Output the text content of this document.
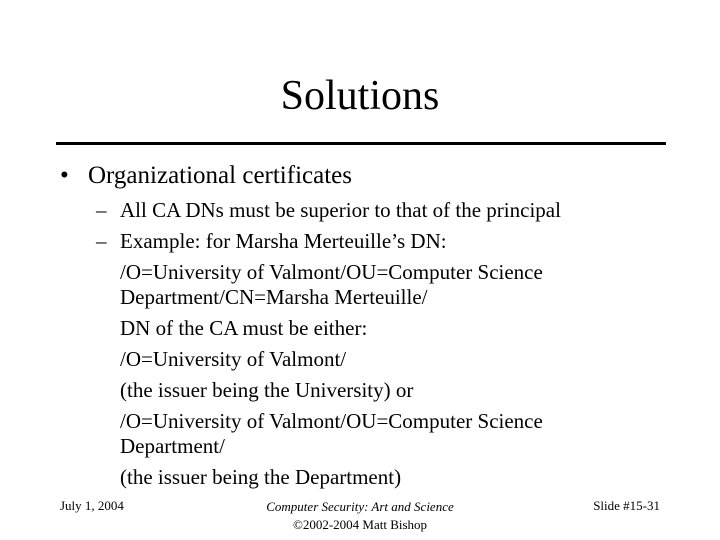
Solutions
• Organizational certificates
– All CA DNs must be superior to that of the principal
– Example: for Marsha Merteuille’s DN:
/O=University of Valmont/OU=Computer Science
Department/CN=Marsha Merteuille/
DN of the CA must be either:
/O=University of Valmont/
(the issuer being the University) or
/O=University of Valmont/OU=Computer Science
Department/
(the issuer being the Department)
July 1, 2004	Computer Security: Art and Science
©2002-2004 Matt Bishop
Slide #15-31
